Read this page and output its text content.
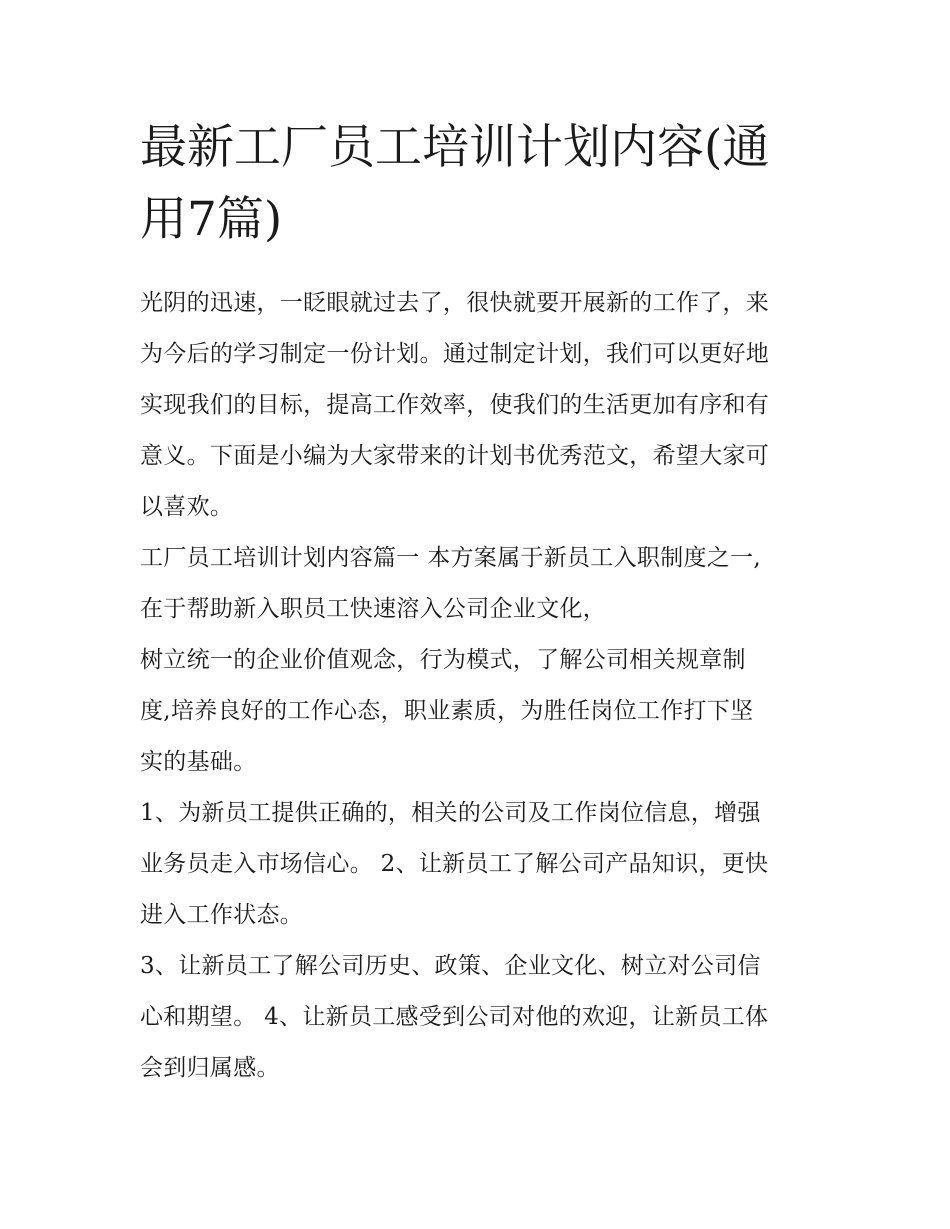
最新工厂员工培训计划内容(通
用7篇)

光阴的迅速，一眨眼就过去了，很快就要开展新的工作了，来
为今后的学习制定一份计划。通过制定计划，我们可以更好地
实现我们的目标，提高工作效率，使我们的生活更加有序和有
意义。下面是小编为大家带来的计划书优秀范文，希望大家可
以喜欢。

工厂员工培训计划内容篇一 本方案属于新员工入职制度之一,
在于帮助新入职员工快速溶入公司企业文化，

树立统一的企业价值观念，行为模式，了解公司相关规章制
度,培养良好的工作心态，职业素质，为胜任岗位工作打下坚
实的基础。

1、为新员工提供正确的，相关的公司及工作岗位信息，增强
业务员走入市场信心。 2、让新员工了解公司产品知识，更快
进入工作状态。

3、让新员工了解公司历史、政策、企业文化、树立对公司信
心和期望。 4、让新员工感受到公司对他的欢迎，让新员工体
会到归属感。
